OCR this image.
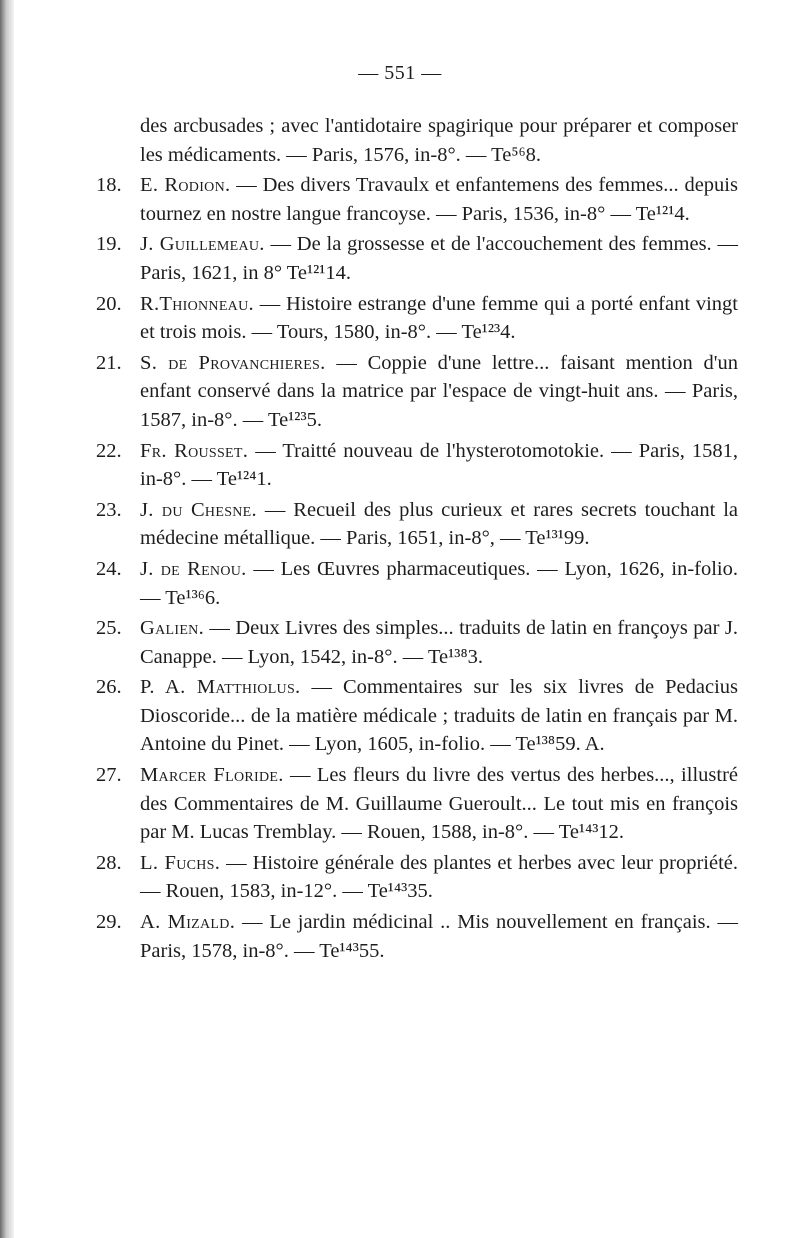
— 551 —
des arcbusades ; avec l'antidotaire spagirique pour préparer et composer les médicaments. — Paris, 1576, in-8°. — Te⁵⁶8.
18. E. Rodion. — Des divers Travaulx et enfantemens des femmes... depuis tournez en nostre langue francoyse. — Paris, 1536, in-8° — Te¹²¹4.
19. J. Guillemeau. — De la grossesse et de l'accouchement des femmes. — Paris, 1621, in 8° Te¹²¹14.
20. R.Thionneau. — Histoire estrange d'une femme qui a porté enfant vingt et trois mois. — Tours, 1580, in-8°. — Te¹²³4.
21. S. de Provanchieres. — Coppie d'une lettre... faisant mention d'un enfant conservé dans la matrice par l'espace de vingt-huit ans. — Paris, 1587, in-8°. — Te¹²³5.
22. Fr. Rousset. — Traitté nouveau de l'hysterotomotokie. — Paris, 1581, in-8°. — Te¹²⁴1.
23. J. du Chesne. — Recueil des plus curieux et rares secrets touchant la médecine métallique. — Paris, 1651, in-8°, — Te¹³¹99.
24. J. de Renou. — Les Œuvres pharmaceutiques. — Lyon, 1626, in-folio. — Te¹³⁶6.
25. Galien. — Deux Livres des simples... traduits de latin en françoys par J. Canappe. — Lyon, 1542, in-8°. — Te¹³⁸3.
26. P. A. Matthiolus. — Commentaires sur les six livres de Pedacius Dioscoride... de la matière médicale ; traduits de latin en français par M. Antoine du Pinet. — Lyon, 1605, in-folio. — Te¹³⁸59. A.
27. Marcer Floride. — Les fleurs du livre des vertus des herbes..., illustré des Commentaires de M. Guillaume Gueroult... Le tout mis en françois par M. Lucas Tremblay. — Rouen, 1588, in-8°. — Te¹⁴³12.
28. L. Fuchs. — Histoire générale des plantes et herbes avec leur propriété. — Rouen, 1583, in-12°. — Te¹⁴³35.
29. A. Mizald. — Le jardin médicinal .. Mis nouvellement en français. — Paris, 1578, in-8°. — Te¹⁴³55.
